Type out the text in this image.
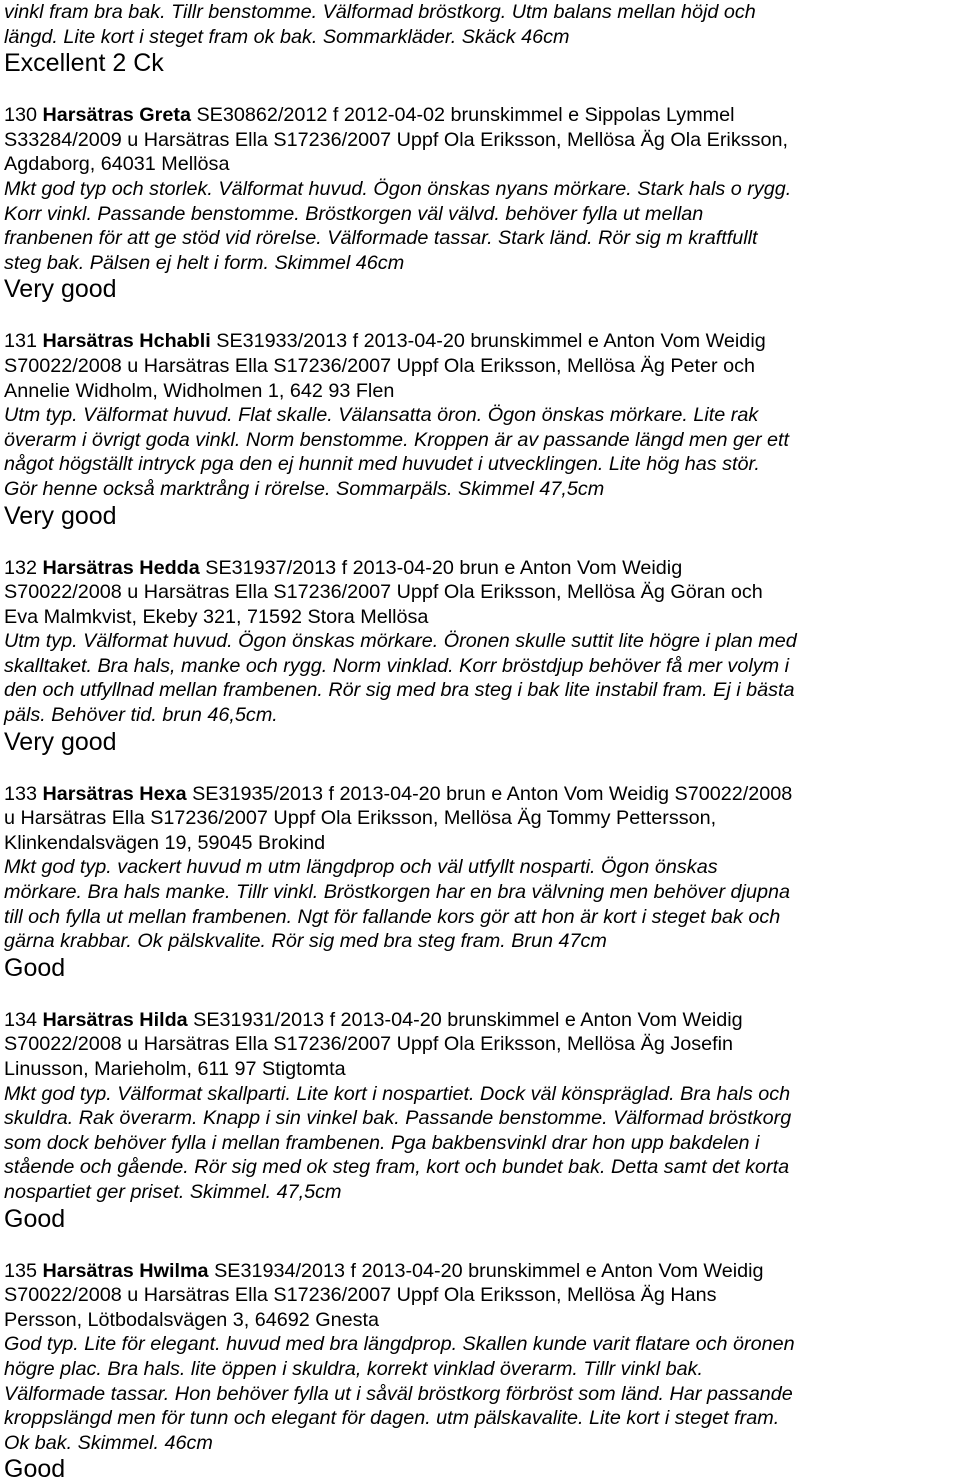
vinkl fram bra bak. Tillr benstomme. Välformad bröstkorg. Utm balans mellan höjd och
längd. Lite kort i steget fram ok bak. Sommarkläder. Skäck 46cm

Excellent 2 Ck

130 Harsätras Greta SE30862/2012 f 2012-04-02 brunskimmel e Sippolas Lymmel
S33284/2009 u Harsätras Ella S17236/2007 Uppf Ola Eriksson, Mellösa Äg Ola Eriksson,
Agdaborg, 64031 Mellösa

Mkt god typ och storlek. Välformat huvud. Ögon önskas nyans mörkare. Stark hals o rygg.
Korr vinkl. Passande benstomme. Bröstkorgen väl välvd. behöver fylla ut mellan
franbenen för att ge stöd vid rörelse. Välformade tassar. Stark länd. Rör sig m kraftfullt
steg bak. Pälsen ej helt i form. Skimmel 46cm

Very good

131 Harsätras Hchabli SE31933/2013 f 2013-04-20 brunskimmel e Anton Vom Weidig
S70022/2008 u Harsätras Ella S17236/2007 Uppf Ola Eriksson, Mellösa Äg Peter och
Annelie Widholm, Widholmen 1, 642 93 Flen

Utm typ. Välformat huvud. Flat skalle. Välansatta öron. Ögon önskas mörkare. Lite rak
överarm i övrigt goda vinkl. Norm benstomme. Kroppen är av passande längd men ger ett
något högställt intryck pga den ej hunnit med huvudet i utvecklingen. Lite hög has stör.
Gör henne också marktrång i rörelse. Sommarpäls. Skimmel 47,5cm

Very good

132 Harsätras Hedda SE31937/2013 f 2013-04-20 brun e Anton Vom Weidig
S70022/2008 u Harsätras Ella S17236/2007 Uppf Ola Eriksson, Mellösa Äg Göran och
Eva Malmkvist, Ekeby 321, 71592 Stora Mellösa

Utm typ. Välformat huvud. Ögon önskas mörkare. Öronen skulle suttit lite högre i plan med
skalltaket. Bra hals, manke och rygg. Norm vinklad. Korr bröstdjup behöver få mer volym i
den och utfyllnad mellan frambenen. Rör sig med bra steg i bak lite instabil fram. Ej i bästa
päls. Behöver tid. brun 46,5cm.

Very good

133 Harsätras Hexa SE31935/2013 f 2013-04-20 brun e Anton Vom Weidig S70022/2008
u Harsätras Ella S17236/2007 Uppf Ola Eriksson, Mellösa Äg Tommy Pettersson,
Klinkendalsvägen 19, 59045 Brokind

Mkt god typ. vackert huvud m utm längdprop och väl utfyllt nosparti. Ögon önskas
mörkare. Bra hals manke. Tillr vinkl. Bröstkorgen har en bra välvning men behöver djupna
till och fylla ut mellan frambenen. Ngt för fallande kors gör att hon är kort i steget bak och
gärna krabbar. Ok pälskvalite. Rör sig med bra steg fram. Brun 47cm

Good

134 Harsätras Hilda SE31931/2013 f 2013-04-20 brunskimmel e Anton Vom Weidig
S70022/2008 u Harsätras Ella S17236/2007 Uppf Ola Eriksson, Mellösa Äg Josefin
Linusson, Marieholm, 611 97 Stigtomta

Mkt god typ. Välformat skallparti. Lite kort i nospartiet. Dock väl könspräglad. Bra hals och
skuldra. Rak överarm. Knapp i sin vinkel bak. Passande benstomme. Välformad bröstkorg
som dock behöver fylla i mellan frambenen. Pga bakbensvinkl drar hon upp bakdelen i
stående och gående. Rör sig med ok steg fram, kort och bundet bak. Detta samt det korta
nospartiet ger priset. Skimmel. 47,5cm

Good

135 Harsätras Hwilma SE31934/2013 f 2013-04-20 brunskimmel e Anton Vom Weidig
S70022/2008 u Harsätras Ella S17236/2007 Uppf Ola Eriksson, Mellösa Äg Hans
Persson, Lötbodalsvägen 3, 64692 Gnesta

God typ. Lite för elegant. huvud med bra längdprop. Skallen kunde varit flatare och öronen
högre plac. Bra hals. lite öppen i skuldra, korrekt vinklad överarm. Tillr vinkl bak.
Välformade tassar. Hon behöver fylla ut i såväl bröstkorg förbröst som länd. Har passande
kroppslängd men för tunn och elegant för dagen. utm pälskavalite. Lite kort i steget fram.
Ok bak. Skimmel. 46cm

Good
